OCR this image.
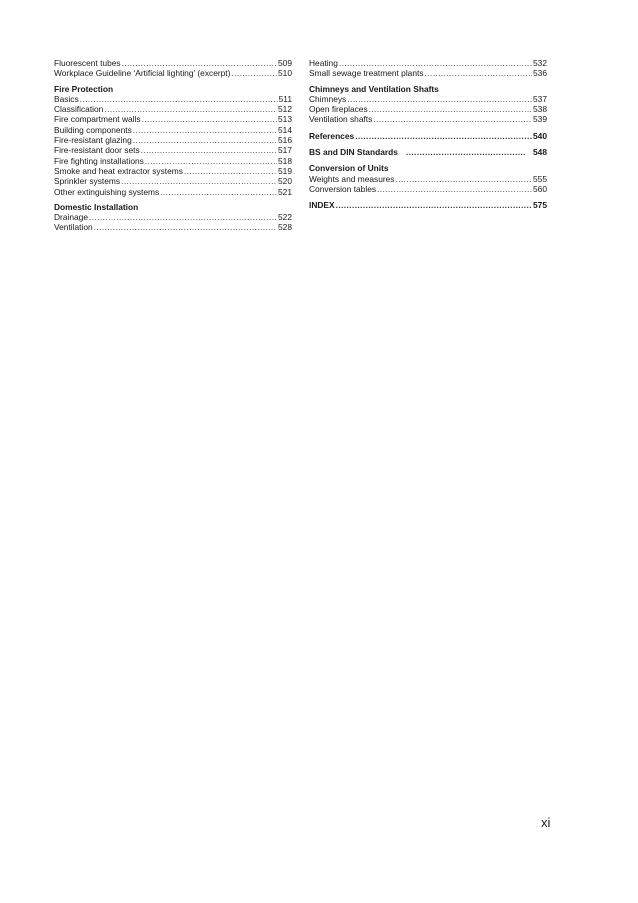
Fluorescent tubes .....	509
Workplace Guideline ‘Artificial lighting’ (excerpt) .....	510
Fire Protection
Basics .....	511
Classification .....	512
Fire compartment walls .....	513
Building components .....	514
Fire-resistant glazing .....	516
Fire-resistant door sets .....	517
Fire fighting installations .....	518
Smoke and heat extractor systems .....	519
Sprinkler systems .....	520
Other extinguishing systems .....	521
Domestic Installation
Drainage .....	522
Ventilation .....	528
Heating .....	532
Small sewage treatment plants .....	536
Chimneys and Ventilation Shafts
Chimneys .....	537
Open fireplaces .....	538
Ventilation shafts .....	539
References .....	540
BS and DIN Standards .....	548
Conversion of Units
Weights and measures .....	555
Conversion tables .....	560
INDEX .....	575
xi
